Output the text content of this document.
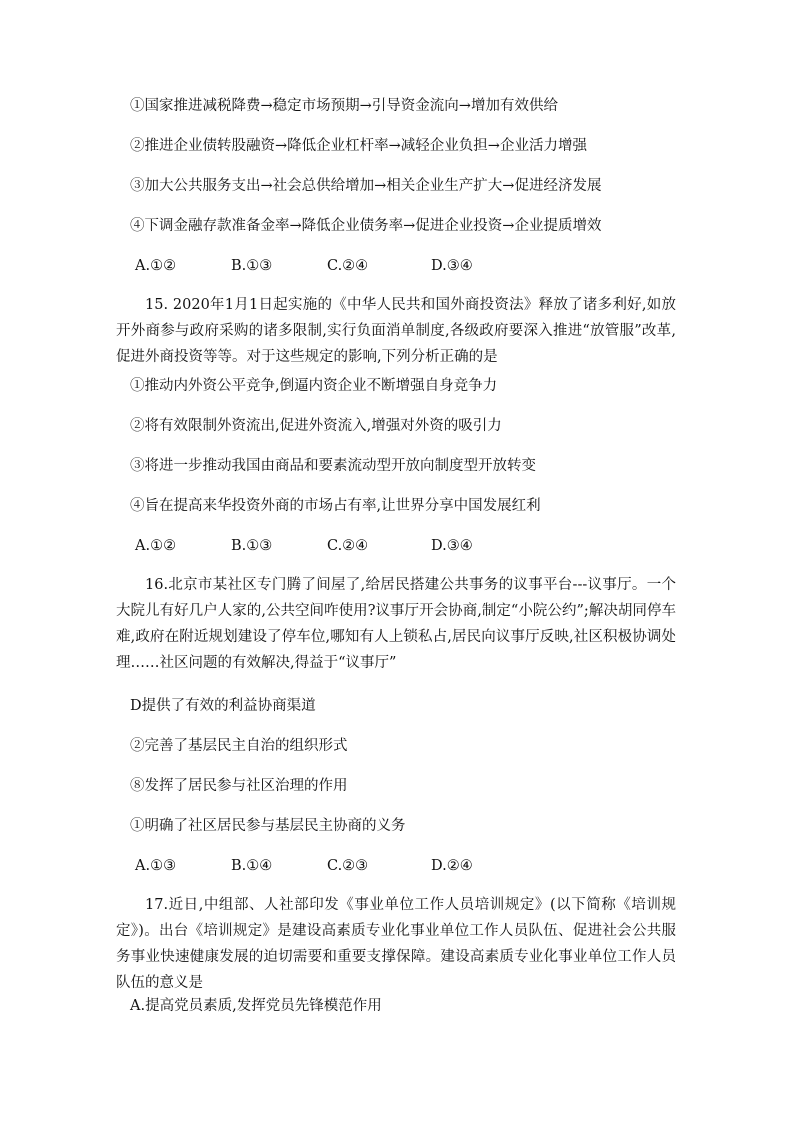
①国家推进减税降费→稳定市场预期→引导资金流向→增加有效供给
②推进企业债转股融资→降低企业杠杆率→减轻企业负担→企业活力增强
③加大公共服务支出→社会总供给增加→相关企业生产扩大→促进经济发展
④下调金融存款准备金率→降低企业债务率→促进企业投资→企业提质增效
A.①②	B.①③	C.②④	D.③④
15. 2020年1月1日起实施的《中华人民共和国外商投资法》释放了诸多利好,如放开外商参与政府采购的诸多限制,实行负面消单制度,各级政府要深入推进“放管服”改革,促进外商投资等等。对于这些规定的影响,下列分析正确的是
①推动内外资公平竞争,倒逼内资企业不断增强自身竞争力
②将有效限制外资流出,促进外资流入,增强对外资的吸引力
③将进一步推动我国由商品和要素流动型开放向制度型开放转变
④旨在提高来华投资外商的市场占有率,让世界分享中国发展红利
A.①②	B.①③	C.②④	D.③④
16.北京市某社区专门腾了间屋了,给居民搭建公共事务的议事平台---议事厅。一个大院儿有好几户人家的,公共空间咋使用?议事厅开会协商,制定“小院公约”;解决胡同停车难,政府在附近规划建设了停车位,哪知有人上锁私占,居民向议事厅反映,社区积极协调处理……社区问题的有效解决,得益于“议事厅”
D提供了有效的利益协商渠道
②完善了基层民主自治的组织形式
⑧发挥了居民参与社区治理的作用
①明确了社区居民参与基层民主协商的义务
A.①③	B.①④	C.②③	D.②④
17.近日,中组部、人社部印发《事业单位工作人员培训规定》(以下简称《培训规定》)。出台《培训规定》是建设高素质专业化事业单位工作人员队伍、促进社会公共服务事业快速健康发展的迫切需要和重要支撑保障。建设高素质专业化事业单位工作人员队伍的意义是
A.提高党员素质,发挥党员先锋模范作用
